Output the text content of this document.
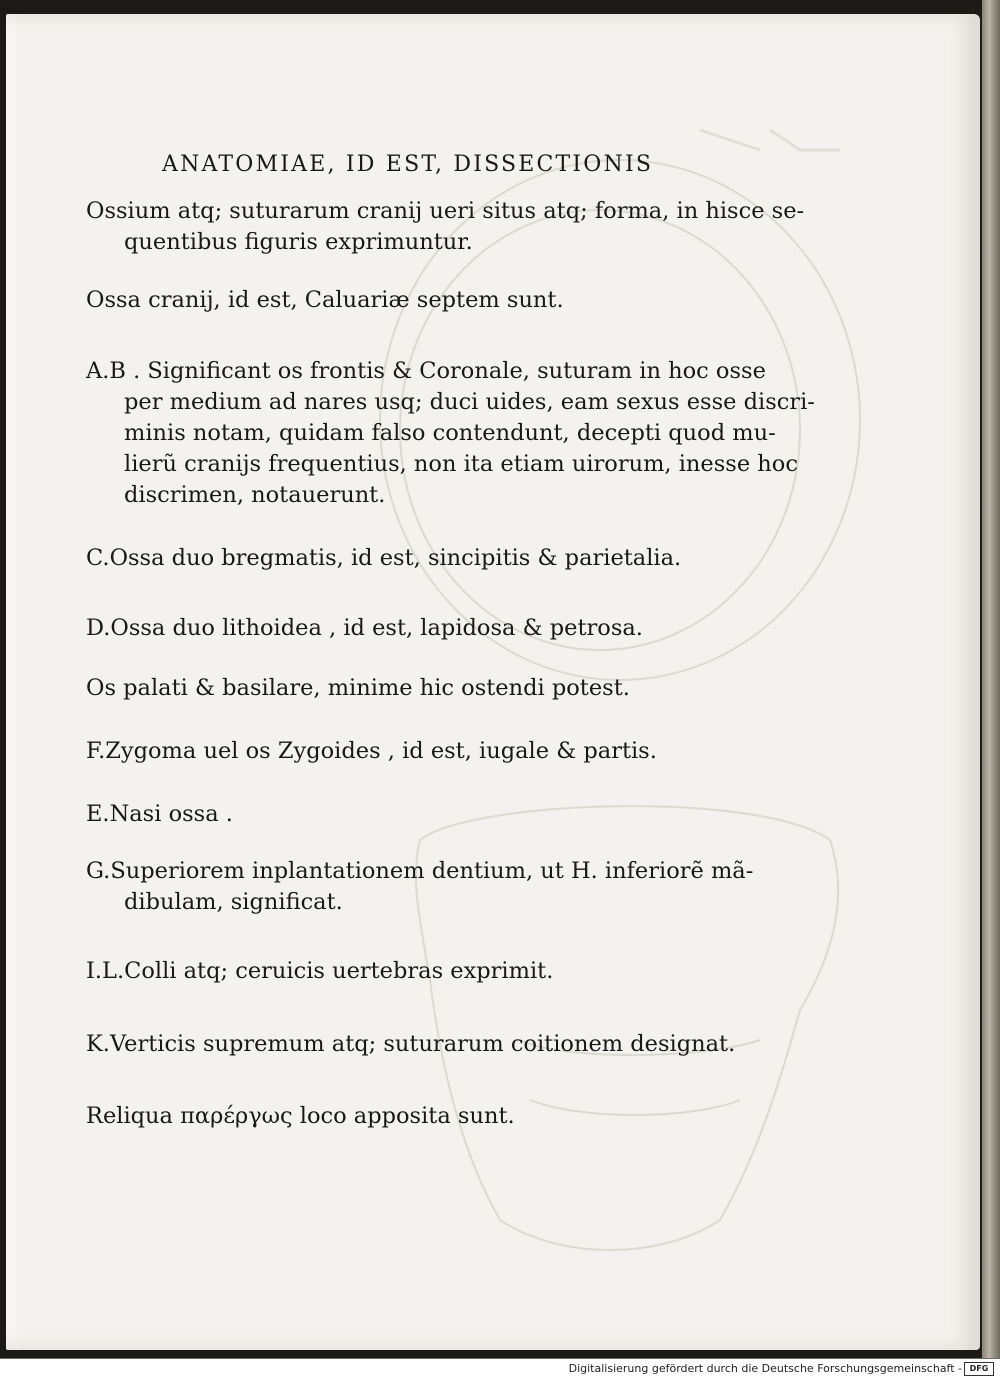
ANATOMIAE, ID EST, DISSECTIONIS
Ossium atq; suturarum cranij ueri situs atq; forma, in hisce se-
quentibus figuris exprimuntur.
Ossa cranij, id est, Caluariæ septem sunt.
A.B . Significant os frontis & Coronale, suturam in hoc osse
per medium ad nares usq; duci uides, eam sexus esse discri-
minis notam, quidam falso contendunt, decepti quod mu-
lierũ cranijs frequentius, non ita etiam uirorum, inesse hoc
discrimen, notauerunt.
C.Ossa duo bregmatis, id est, sincipitis & parietalia.
D.Ossa duo lithoidea , id est, lapidosa & petrosa.
Os palati & basilare, minime hic ostendi potest.
F.Zygoma uel os Zygoides , id est, iugale & partis.
E.Nasi ossa .
G.Superiorem inplantationem dentium, ut H. inferiorẽ mã-
dibulam, significat.
I.L.Colli atq; ceruicis uertebras exprimit.
K.Verticis supremum atq; suturarum coitionem designat.
Reliqua παρέργως loco apposita sunt.
Digitalisierung gefördert durch die Deutsche Forschungsgemeinschaft - DFG
